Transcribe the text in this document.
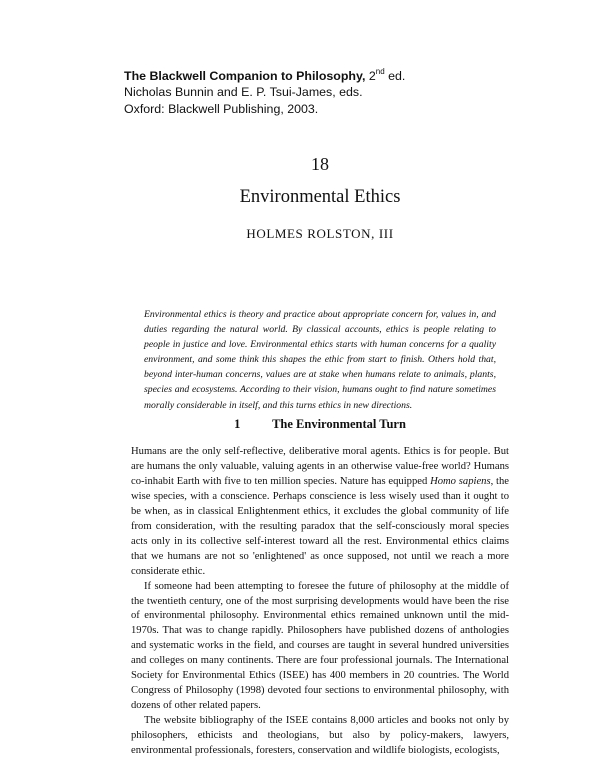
The Blackwell Companion to Philosophy, 2nd ed.
Nicholas Bunnin and E. P. Tsui-James, eds.
Oxford: Blackwell Publishing, 2003.
18
Environmental Ethics
HOLMES ROLSTON, III

Environmental ethics is theory and practice about appropriate concern for, values in, and duties regarding the natural world. By classical accounts, ethics is people relating to people in justice and love. Environmental ethics starts with human concerns for a quality environment, and some think this shapes the ethic from start to finish. Others hold that, beyond inter-human concerns, values are at stake when humans relate to animals, plants, species and ecosystems. According to their vision, humans ought to find nature sometimes morally considerable in itself, and this turns ethics in new directions.

1	The Environmental Turn

Humans are the only self-reflective, deliberative moral agents. Ethics is for people. But are humans the only valuable, valuing agents in an otherwise value-free world? Humans co-inhabit Earth with five to ten million species. Nature has equipped Homo sapiens, the wise species, with a conscience. Perhaps conscience is less wisely used than it ought to be when, as in classical Enlightenment ethics, it excludes the global community of life from consideration, with the resulting paradox that the self-consciously moral species acts only in its collective self-interest toward all the rest. Environmental ethics claims that we humans are not so 'enlightened' as once supposed, not until we reach a more considerate ethic.

If someone had been attempting to foresee the future of philosophy at the middle of the twentieth century, one of the most surprising developments would have been the rise of environmental philosophy. Environmental ethics remained unknown until the mid-1970s. That was to change rapidly. Philosophers have published dozens of anthologies and systematic works in the field, and courses are taught in several hundred universities and colleges on many continents. There are four professional journals. The International Society for Environmental Ethics (ISEE) has 400 members in 20 countries. The World Congress of Philosophy (1998) devoted four sections to environmental philosophy, with dozens of other related papers.

The website bibliography of the ISEE contains 8,000 articles and books not only by philosophers, ethicists and theologians, but also by policy-makers, lawyers, environmental professionals, foresters, conservation and wildlife biologists, ecologists,
